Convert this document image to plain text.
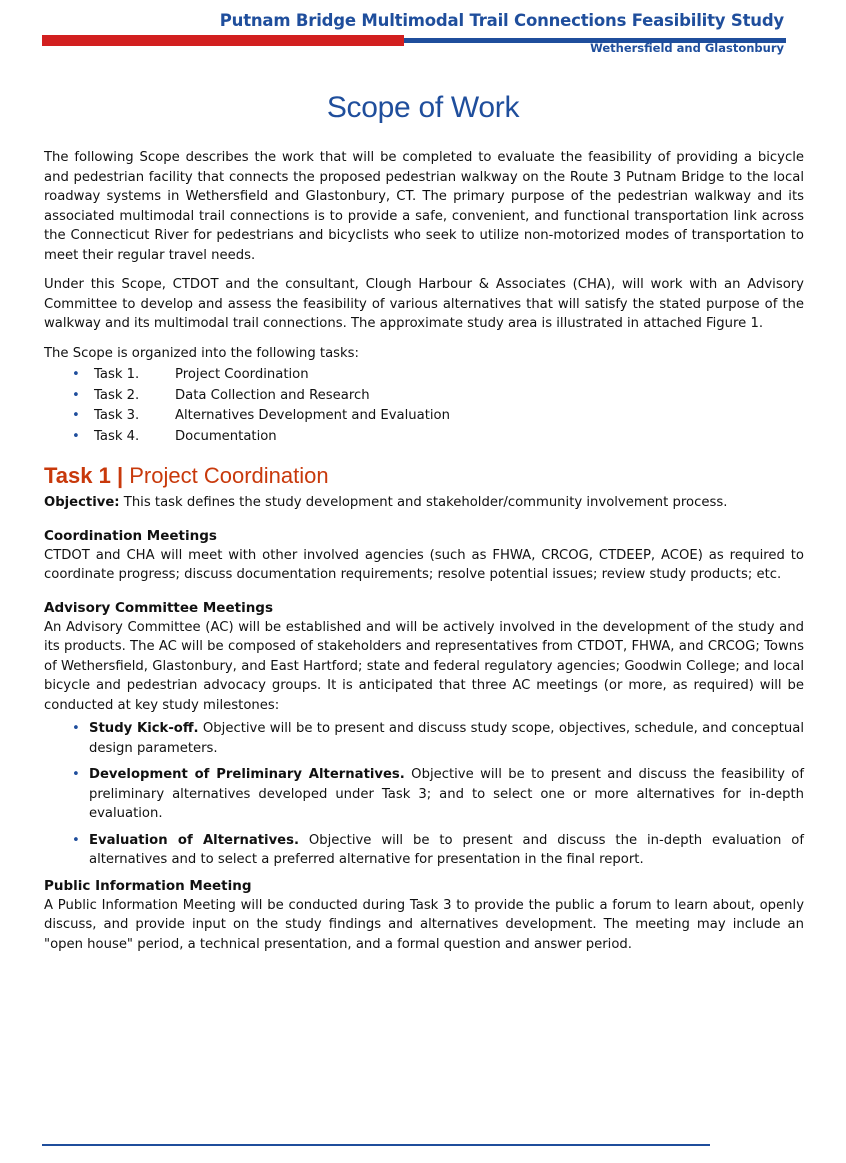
Putnam Bridge Multimodal Trail Connections Feasibility Study
Wethersfield and Glastonbury
Scope of Work

The following Scope describes the work that will be completed to evaluate the feasibility of providing a bicycle and pedestrian facility that connects the proposed pedestrian walkway on the Route 3 Putnam Bridge to the local roadway systems in Wethersfield and Glastonbury, CT. The primary purpose of the pedestrian walkway and its associated multimodal trail connections is to provide a safe, convenient, and functional transportation link across the Connecticut River for pedestrians and bicyclists who seek to utilize non-motorized modes of transportation to meet their regular travel needs.

Under this Scope, CTDOT and the consultant, Clough Harbour & Associates (CHA), will work with an Advisory Committee to develop and assess the feasibility of various alternatives that will satisfy the stated purpose of the walkway and its multimodal trail connections. The approximate study area is illustrated in attached Figure 1.

The Scope is organized into the following tasks:

• Task 1.	Project Coordination
• Task 2.	Data Collection and Research
• Task 3.	Alternatives Development and Evaluation
• Task 4.	Documentation
Task 1 | Project Coordination

Objective: This task defines the study development and stakeholder/community involvement process.

Coordination Meetings

CTDOT and CHA will meet with other involved agencies (such as FHWA, CRCOG, CTDEEP, ACOE) as required to coordinate progress; discuss documentation requirements; resolve potential issues; review study products; etc.

Advisory Committee Meetings

An Advisory Committee (AC) will be established and will be actively involved in the development of the study and its products. The AC will be composed of stakeholders and representatives from CTDOT, FHWA, and CRCOG; Towns of Wethersfield, Glastonbury, and East Hartford; state and federal regulatory agencies; Goodwin College; and local bicycle and pedestrian advocacy groups. It is anticipated that three AC meetings (or more, as required) will be conducted at key study milestones:

• Study Kick-off. Objective will be to present and discuss study scope, objectives, schedule, and conceptual design parameters.
• Development of Preliminary Alternatives. Objective will be to present and discuss the feasibility of preliminary alternatives developed under Task 3; and to select one or more alternatives for in-depth evaluation.
• Evaluation of Alternatives. Objective will be to present and discuss the in-depth evaluation of alternatives and to select a preferred alternative for presentation in the final report.
Public Information Meeting

A Public Information Meeting will be conducted during Task 3 to provide the public a forum to learn about, openly discuss, and provide input on the study findings and alternatives development. The meeting may include an "open house" period, a technical presentation, and a formal question and answer period.
